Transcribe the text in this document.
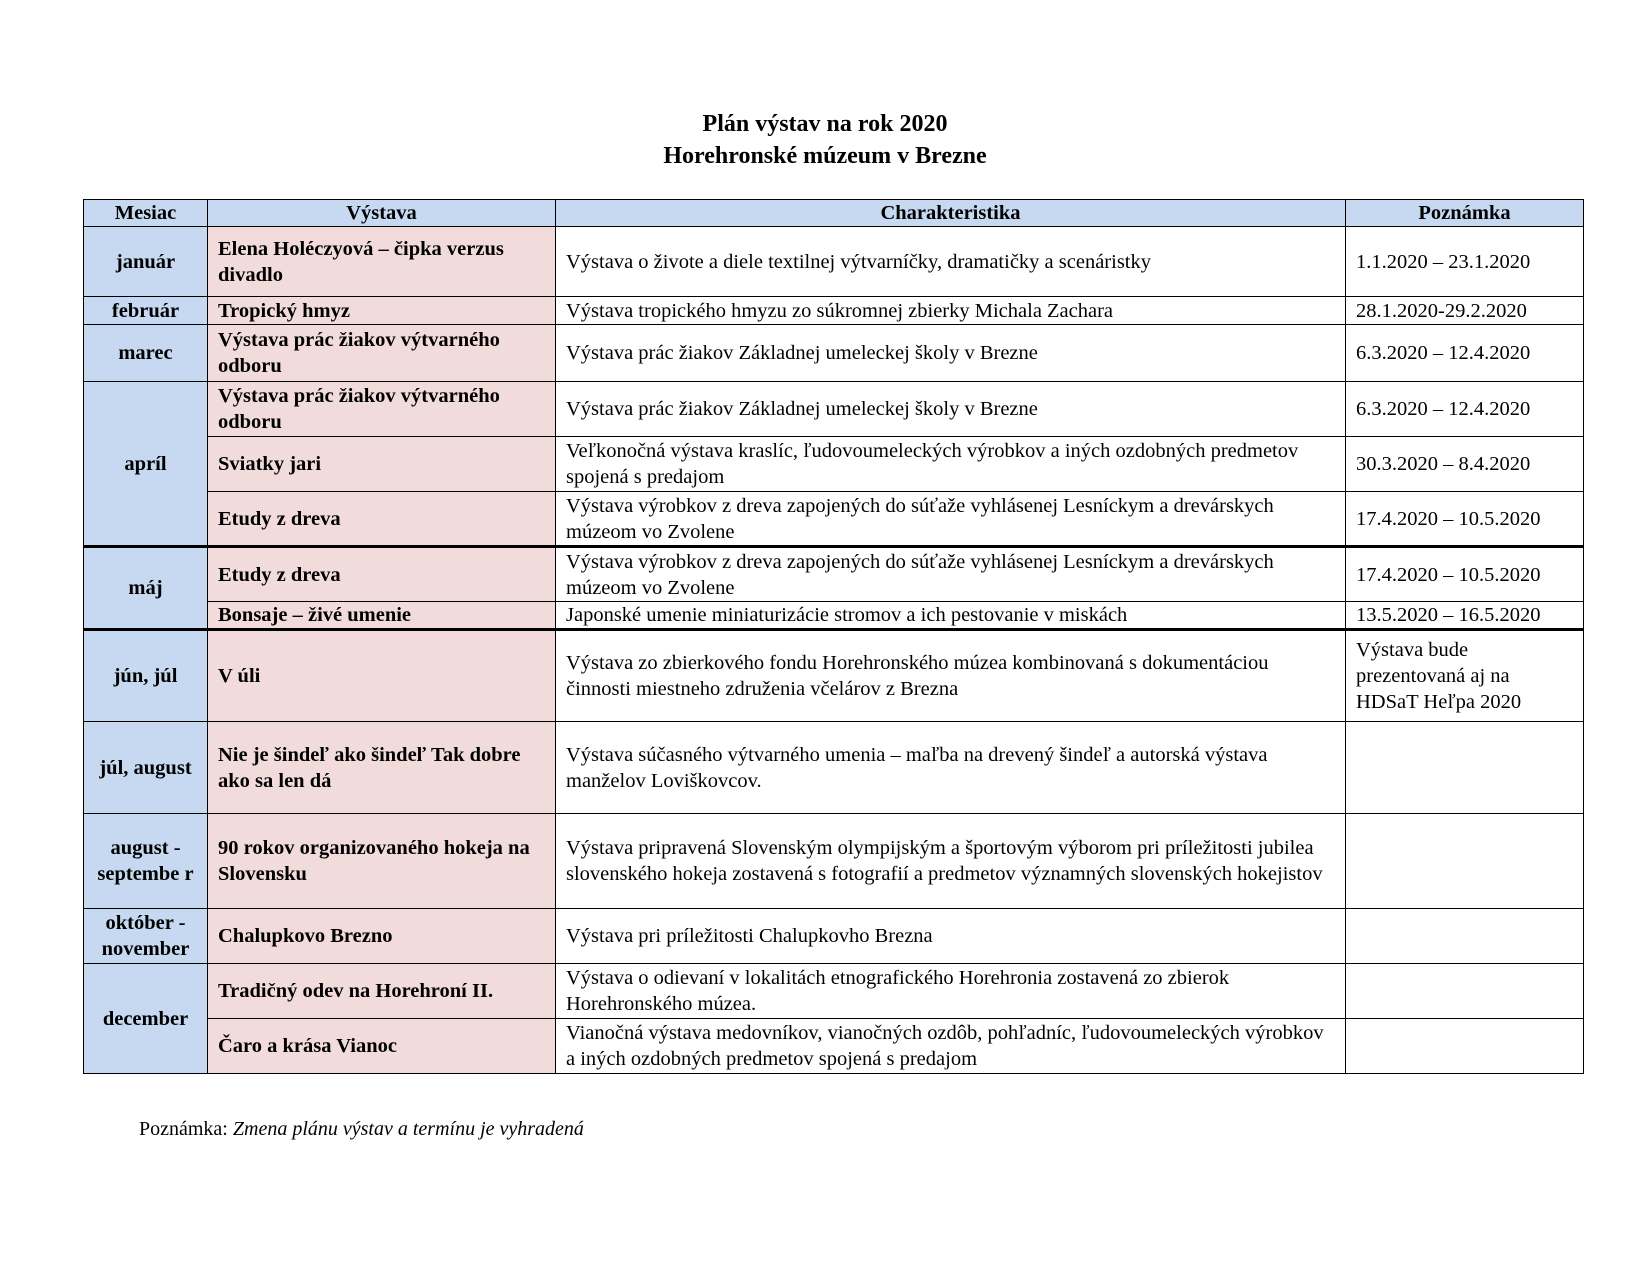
Plán výstav na rok 2020
Horehronské múzeum v Brezne
Mesiac	Výstava	Charakteristika	Poznámka
január	Elena Holéczyová – čipka verzus divadlo	Výstava o živote a diele textilnej výtvarníčky, dramatičky a scenáristky	1.1.2020 – 23.1.2020
február	Tropický hmyz	Výstava tropického hmyzu zo súkromnej zbierky Michala Zachara	28.1.2020-29.2.2020
marec	Výstava prác žiakov výtvarného odboru	Výstava prác žiakov Základnej umeleckej školy v Brezne	6.3.2020 – 12.4.2020
apríl	Výstava prác žiakov výtvarného odboru	Výstava prác žiakov Základnej umeleckej školy v Brezne	6.3.2020 – 12.4.2020
	Sviatky jari	Veľkonočná výstava kraslíc, ľudovoumeleckých výrobkov a iných ozdobných predmetov spojená s predajom	30.3.2020 – 8.4.2020
	Etudy z dreva	Výstava výrobkov z dreva zapojených do súťaže vyhlásenej Lesníckym a drevárskych múzeom vo Zvolene	17.4.2020 – 10.5.2020
máj	Etudy z dreva	Výstava výrobkov z dreva zapojených do súťaže vyhlásenej Lesníckym a drevárskych múzeom vo Zvolene	17.4.2020 – 10.5.2020
	Bonsaje – živé umenie	Japonské umenie miniaturizácie stromov a ich pestovanie v miskách	13.5.2020 – 16.5.2020
jún, júl	V úli	Výstava zo zbierkového fondu Horehronského múzea kombinovaná s dokumentáciou činnosti miestneho združenia včelárov z Brezna	Výstava bude prezentovaná aj na HDSaT Heľpa 2020
júl, august	Nie je šindeľ ako šindeľ Tak dobre ako sa len dá	Výstava súčasného výtvarného umenia – maľba na drevený šindeľ a autorská výstava manželov Loviškovcov.	
august - septembe r	90 rokov organizovaného hokeja na Slovensku	Výstava pripravená Slovenským olympijským a športovým výborom pri príležitosti jubilea slovenského hokeja zostavená s fotografií a predmetov významných slovenských hokejistov	
október - november	Chalupkovo Brezno	Výstava pri príležitosti Chalupkovho Brezna	
december	Tradičný odev na Horehroní II.	Výstava o odievaní v lokalitách etnografického Horehronia zostavená zo zbierok Horehronského múzea.	
	Čaro a krása Vianoc	Vianočná výstava medovníkov, vianočných ozdôb, pohľadníc, ľudovoumeleckých výrobkov a iných ozdobných predmetov spojená s predajom	
Poznámka: Zmena plánu výstav a termínu je vyhradená
